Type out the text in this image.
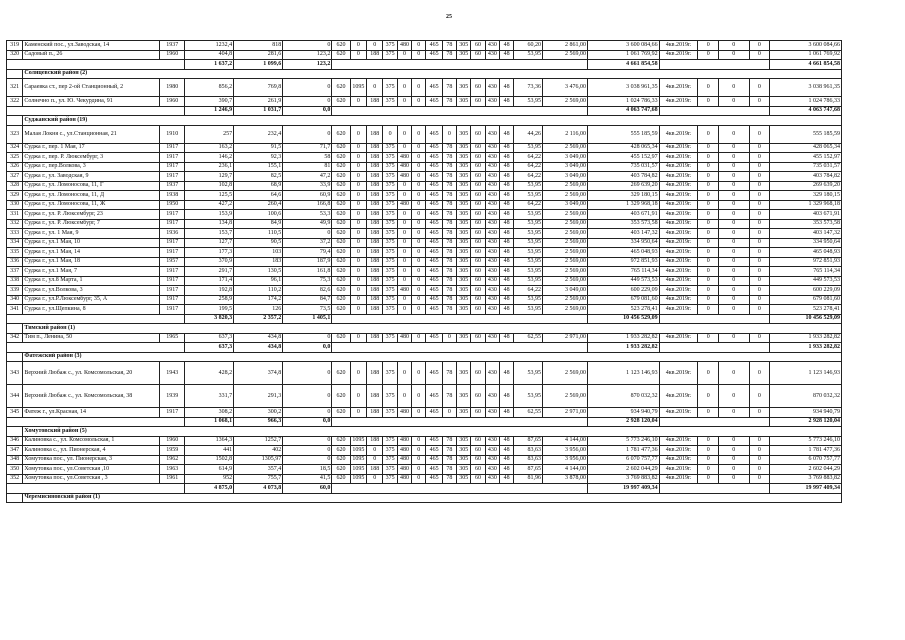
25
319	Каменский пос., ул.Заводская, 14	1937	1232,4	818	0	620	0	0	375	480	0	465	78	305	60	430	48	60,20	2 861,00	3 600 084,66	4кв.2019г.	0	0	0	3 600 084,66
320	Садовый п., 26	1960	404,8	281,6	123,2	620	0	188	375	0	0	465	78	305	60	430	48	53,95	2 569,00	1 061 769,92	4кв.2019г.	0	0	0	1 061 769,92
			1 637,2	1 099,6	123,2															4 661 854,58					4 661 854,58
	Солнцевский район (2)																								
321	Сараевка ст., пер 2-ой Станционный, 2	1980	856,2	769,8	0	620	1095	0	375	0	0	465	78	305	60	430	48	73,36	3 476,00	3 038 961,35	4кв.2019г.	0	0	0	3 038 961,35
322	Солнечно п., ул. Ю. Чекурдина, 91	1960	390,7	261,9	0	620	0	188	375	0	0	465	78	305	60	430	48	53,95	2 569,00	1 024 786,33	4кв.2019г.	0	0	0	1 024 786,33
			1 246,9	1 031,7	0,0															4 063 747,68					4 063 747,68
	Суджанский район (19)																								
323	Малая Локня с., ул.Станционная, 21	1910	257	232,4	0	620	0	188	0	0	0	465	0	305	60	430	48	44,26	2 116,00	555 185,59	4кв.2019г.	0	0	0	555 185,59
324	Суджа г., пер. 1 Мая, 17	1917	163,2	91,5	71,7	620	0	188	375	0	0	465	78	305	60	430	48	53,95	2 569,00	428 065,34	4кв.2019г.	0	0	0	428 065,34
325	Суджа г., пер. Р. Люксембург, 3	1917	146,2	92,3	58	620	0	188	375	480	0	465	78	305	60	430	48	64,22	3 049,00	455 152,97	4кв.2019г.	0	0	0	455 152,97
326	Суджа г., пер.Волкова, 3	1917	236,1	155,1	81	620	0	188	375	480	0	465	78	305	60	430	48	64,22	3 049,00	735 031,57	4кв.2019г.	0	0	0	735 031,57
327	Суджа г., ул. Заводская, 9	1917	129,7	82,5	47,2	620	0	188	375	480	0	465	78	305	60	430	48	64,22	3 049,00	403 784,82	4кв.2019г.	0	0	0	403 784,82
328	Суджа г., ул. Ломоносова, 11, Г	1937	102,8	68,9	33,9	620	0	188	375	0	0	465	78	305	60	430	48	53,95	2 569,00	269 639,20	4кв.2019г.	0	0	0	269 639,20
329	Суджа г., ул. Ломоносова, 11, Д	1938	125,5	64,6	60,9	620	0	188	375	0	0	465	78	305	60	430	48	53,95	2 569,00	329 180,15	4кв.2019г.	0	0	0	329 180,15
330	Суджа г., ул. Ломоносова, 11, Ж	1950	427,2	260,4	166,8	620	0	188	375	480	0	465	78	305	60	430	48	64,22	3 049,00	1 329 968,18	4кв.2019г.	0	0	0	1 329 968,18
331	Суджа г., ул. Р. Люксембург, 23	1917	153,9	100,6	53,3	620	0	188	375	0	0	465	78	305	60	430	48	53,95	2 569,00	403 671,91	4кв.2019г.	0	0	0	403 671,91
332	Суджа г., ул. Р. Люксембург, 7	1917	134,8	84,9	49,9	620	0	188	375	0	0	465	78	305	60	430	48	53,95	2 569,00	353 573,58	4кв.2019г.	0	0	0	353 573,58
333	Суджа г., ул. 1 Мая, 9	1936	153,7	110,5	0	620	0	188	375	0	0	465	78	305	60	430	48	53,95	2 569,00	403 147,32	4кв.2019г.	0	0	0	403 147,32
334	Суджа г., ул.1 Мая, 10	1917	127,7	90,5	37,2	620	0	188	375	0	0	465	78	305	60	430	48	53,95	2 569,00	334 950,64	4кв.2019г.	0	0	0	334 950,64
335	Суджа г., ул.1 Мая, 14	1917	177,3	103	79,4	620	0	188	375	0	0	465	78	305	60	430	48	53,95	2 569,00	465 048,93	4кв.2019г.	0	0	0	465 048,93
336	Суджа г., ул.1 Мая, 18	1957	370,9	183	187,9	620	0	188	375	0	0	465	78	305	60	430	48	53,95	2 569,00	972 851,93	4кв.2019г.	0	0	0	972 851,93
337	Суджа г., ул.1 Мая, 7	1917	291,7	130,5	161,8	620	0	188	375	0	0	465	78	305	60	430	48	53,95	2 569,00	765 114,34	4кв.2019г.	0	0	0	765 114,34
338	Суджа г., ул.8 Марта, 1	1917	171,4	96,1	75,3	620	0	188	375	0	0	465	78	305	60	430	48	53,95	2 569,00	449 573,53	4кв.2019г.	0	0	0	449 573,53
339	Суджа г., ул.Волкова, 3	1917	192,8	110,2	82,6	620	0	188	375	480	0	465	78	305	60	430	48	64,22	3 049,00	600 229,09	4кв.2019г.	0	0	0	600 229,09
340	Суджа г., ул.Р.Люксембург, 35, А	1917	258,9	174,2	84,7	620	0	188	375	0	0	465	78	305	60	430	48	53,95	2 569,00	679 081,60	4кв.2019г.	0	0	0	679 081,60
341	Суджа г., ул.Щепкина, 8	1917	199,5	126	73,5	620	0	188	375	0	0	465	78	305	60	430	48	53,95	2 569,00	523 278,41	4кв.2019г.	0	0	0	523 278,41
			3 820,3	2 357,2	1 405,1															10 456 529,09					10 456 529,09
	Тимский район (1)																								
342	Тим п., Ленина, 50	1965	637,3	434,8	0	620	0	188	375	480	0	465	0	305	60	430	48	62,55	2 971,00	1 933 282,82	4кв.2019г.	0	0	0	1 933 282,82
			637,3	434,8	0,0															1 933 282,82					1 933 282,82
	Фатежский район (3)																								
343	Верхний Любаж с., ул. Комсомольская, 20	1943	428,2	374,8	0	620	0	188	375	0	0	465	78	305	60	430	48	53,95	2 569,00	1 123 146,93	4кв.2019г.	0	0	0	1 123 146,93
344	Верхний Любаж с., ул. Комсомольская, 38	1939	331,7	291,3	0	620	0	188	375	0	0	465	78	305	60	430	48	53,95	2 569,00	870 032,32	4кв.2019г.	0	0	0	870 032,32
345	Фатеж г., ул.Красная, 14	1917	308,2	300,2	0	620	0	188	375	480	0	465	0	305	60	430	48	62,55	2 971,00	934 940,79	4кв.2019г.	0	0	0	934 940,79
			1 068,1	966,3	0,0															2 928 120,04					2 928 120,04
	Хомутовский район (5)																								
346	Калиновка с., ул. Комсомольская, 1	1960	1364,3	1252,7	0	620	1095	188	375	480	0	465	78	305	60	430	48	87,65	4 144,00	5 773 246,10	4кв.2019г.	0	0	0	5 773 246,10
347	Калиновка с., ул. Пионерская, 4	1959	441	402	0	620	1095	0	375	480	0	465	78	305	60	430	48	83,63	3 956,00	1 781 477,36	4кв.2019г.	0	0	0	1 781 477,36
348	Хомутовка пос., ул. Пионерская, 3	1962	1502,8	1305,97	0	620	1095	0	375	480	0	465	78	305	60	430	48	83,63	3 956,00	6 070 757,77	4кв.2019г.	0	0	0	6 070 757,77
350	Хомутовка пос., ул.Советская ,10	1963	614,9	357,4	18,5	620	1095	188	375	480	0	465	78	305	60	430	48	87,65	4 144,00	2 602 044,29	4кв.2019г.	0	0	0	2 602 044,29
352	Хомутовка пос., ул.Советская , 3	1961	952	755,7	41,5	620	1095	0	375	480	0	465	78	305	60	430	48	81,96	3 878,00	3 769 883,82	4кв.2019г.	0	0	0	3 769 883,82
			4 875,0	4 073,8	60,0															19 997 409,34					19 997 409,34
	Черемисиновский район (1)																								
